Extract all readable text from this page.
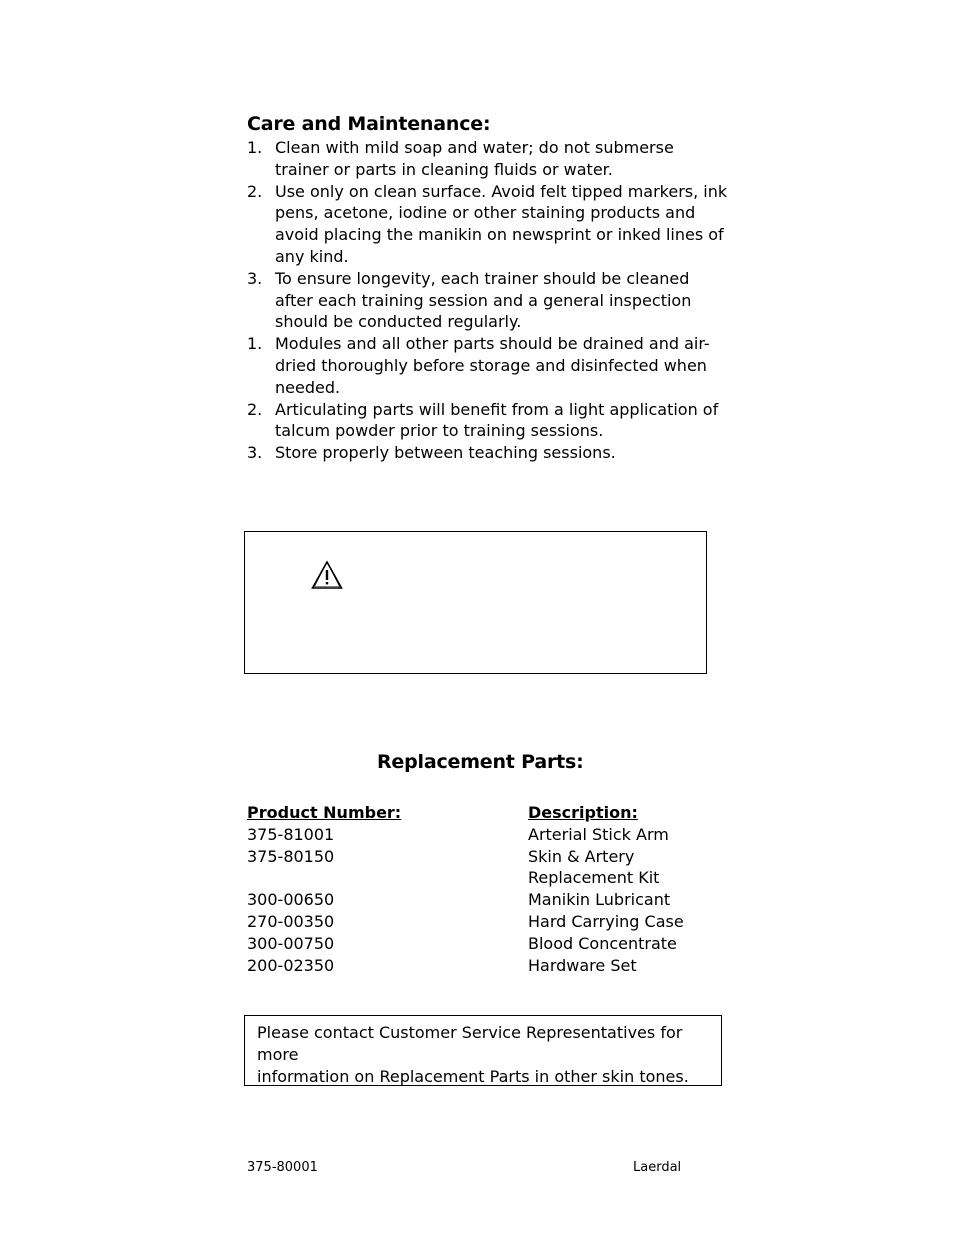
Care and Maintenance:
1. Clean with mild soap and water; do not submerse
trainer or parts in cleaning fluids or water.
2. Use only on clean surface. Avoid felt tipped markers, ink
pens, acetone, iodine or other staining products and
avoid placing the manikin on newsprint or inked lines of
any kind.
3. To ensure longevity, each trainer should be cleaned
after each training session and a general inspection
should be conducted regularly.
1. Modules and all other parts should be drained and air-
dried thoroughly before storage and disinfected when
needed.
2. Articulating parts will benefit from a light application of
talcum powder prior to training sessions.
3. Store properly between teaching sessions.
Replacement Parts:
Product Number:	Description:
375-81001	Arterial Stick Arm
375-80150	Skin & Artery

Replacement Kit
300-00650	Manikin Lubricant
270-00350	Hard Carrying Case
300-00750	Blood Concentrate
200-02350	Hardware Set
Please contact Customer Service Representatives for more
information on Replacement Parts in other skin tones.
375-80001	Laerdal
